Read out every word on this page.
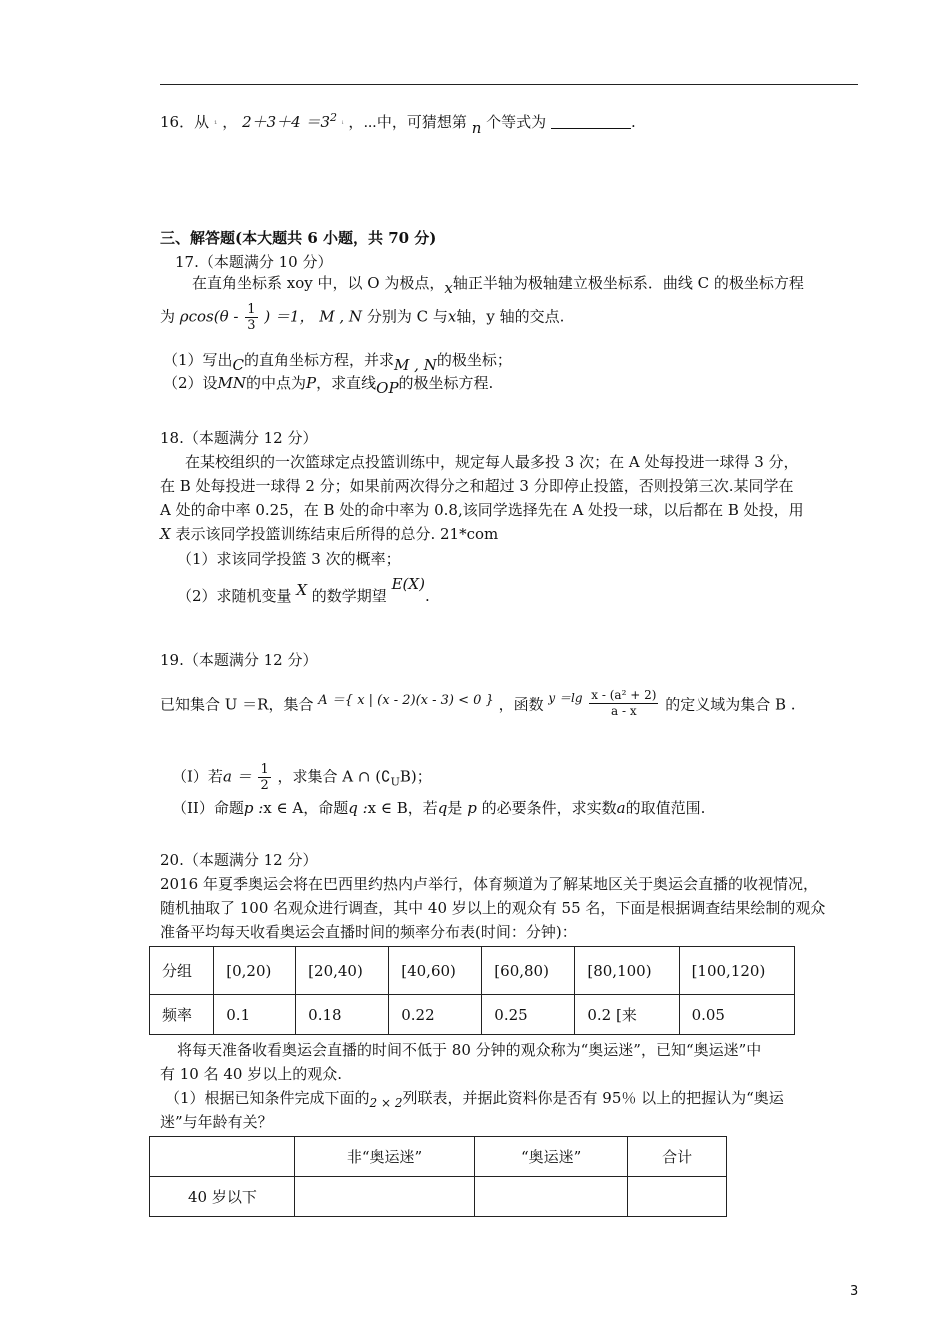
16．从 ¹ ， $2+3+4 =3^2$ ⁱ ，⋯中，可猜想第 n 个等式为	.
三、解答题(本大题共 6 小题，共 70 分)
17.（本题满分 10 分）
在直角坐标系 xoy 中，以 O 为极点，x轴正半轴为极轴建立极坐标系．曲线 C 的极坐标方程
为 $\rho\cos(\theta - \frac{1}{3}$ ) ＝1， M , N 分别为 C 与x轴，y 轴的交点.
（1）写出C的直角坐标方程，并求M , N的极坐标；
（2）设MN的中点为P，求直线OP的极坐标方程.
18.（本题满分 12 分）
在某校组织的一次篮球定点投篮训练中，规定每人最多投 3 次；在 A 处每投进一球得 3 分，
在 B 处每投进一球得 2 分；如果前两次得分之和超过 3 分即停止投篮，否则投第三次.某同学在
A 处的命中率 0.25，在 B 处的命中率为 0.8,该同学选择先在 A 处投一球，以后都在 B 处投，用
X 表示该同学投篮训练结束后所得的总分. 21*com
（1）求该同学投篮 3 次的概率；
（2）求随机变量 X 的数学期望 E(X).
19.（本题满分 12 分）
已知集合 U ＝R，集合 A ＝{ x | (x - 2)(x - 3) < 0 } ，函数 $^{y =lg} \frac{\text{x - (a² + 2)}}{a - x}$ 的定义域为集合 B .
（I）若$a = \frac{1}{2}$ ，求集合 A ∩ $(∁_UB)$；
（II）命题p :x ∈ A，命题q :x ∈ B，若q是 p 的必要条件，求实数a的取值范围.
20.（本题满分 12 分）
2016 年夏季奥运会将在巴西里约热内卢举行，体育频道为了解某地区关于奥运会直播的收视情况，
随机抽取了 100 名观众进行调查，其中 40 岁以上的观众有 55 名，下面是根据调查结果绘制的观众
准备平均每天收看奥运会直播时间的频率分布表(时间：分钟)：
分组	[0,20)	[20,40)	[40,60)	[60,80)	[80,100)	[100,120)
频率	0.1	0.18	0.22	0.25	0.2 [来	0.05
将每天准备收看奥运会直播的时间不低于 80 分钟的观众称为“奥运迷”，已知“奥运迷”中
有 10 名 40 岁以上的观众.
（1）根据已知条件完成下面的$_{2 \times 2}$列联表，并据此资料你是否有 95％ 以上的把握认为“奥运
迷”与年龄有关？
	非“奥运迷”	“奥运迷”	合计
40 岁以下			
3
